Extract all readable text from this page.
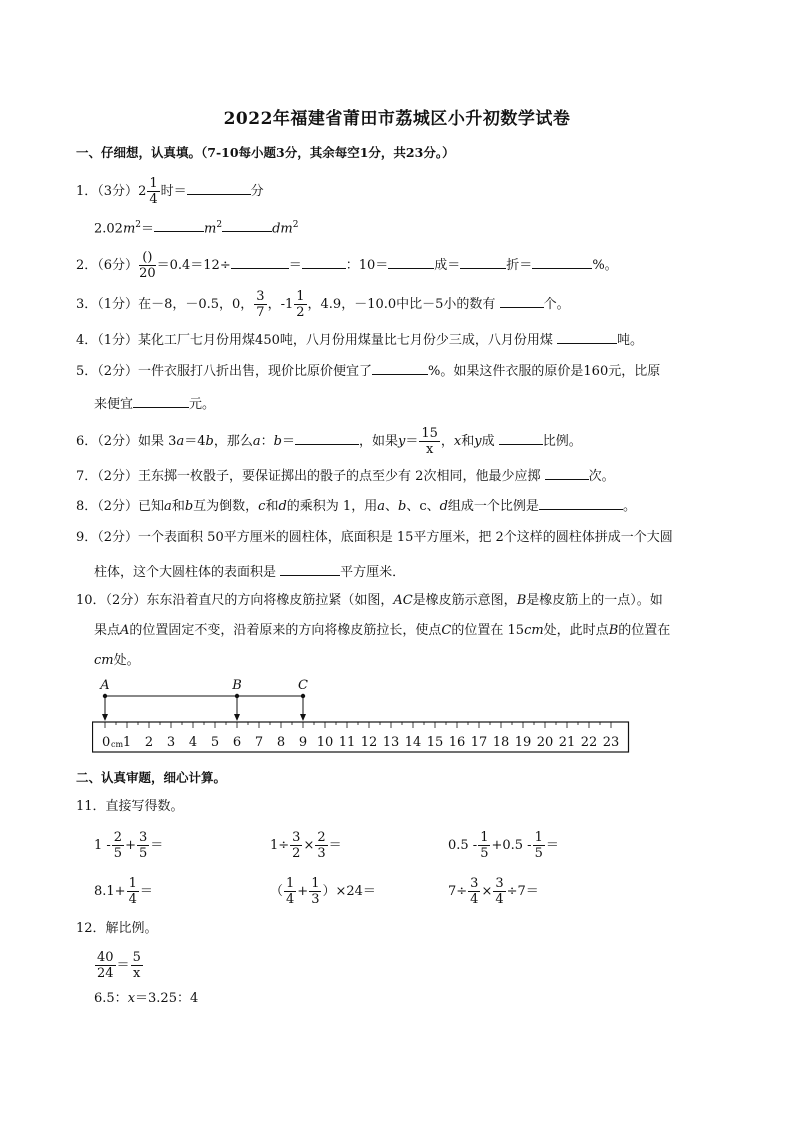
2022年福建省莆田市荔城区小升初数学试卷
一、仔细想，认真填。（7-10每小题3分，其余每空1分，共23分。）
1．（3分）$2 \frac{1}{4}$ 时＝	分
$2.02m^2=$	$m^2$	$dm^2$
2．（6分） $\frac{()}{20} =0.4=12\div$	＝	：10＝	成＝	折＝	%。
3．（1分）在－8，－0.5，0， $\frac{3}{7}$ ，$-1 \frac{1}{2}$ ，4.9，－10.0中比－5小的数有	个。
4．（1分）某化工厂七月份用煤450吨，八月份用煤量比七月份少三成，八月份用煤	吨。
5．（2分）一件衣服打八折出售，现价比原价便宜了	%。如果这件衣服的原价是160元，比原
来便宜	元。
6．（2分）如果 3a＝4b，那么a：b＝	，如果$y= \frac{15}{x}$ ，x和y成	比例。
7．（2分）王东掷一枚骰子，要保证掷出的骰子的点至少有 2次相同，他最少应掷	次。
8．（2分）已知a和b互为倒数，c和d的乘积为 1，用a、b、c、d组成一个比例是	。
9．（2分）一个表面积 50平方厘米的圆柱体，底面积是 15平方厘米，把 2个这样的圆柱体拼成一个大圆
柱体，这个大圆柱体的表面积是	平方厘米．
10．（2分）东东沿着直尺的方向将橡皮筋拉紧（如图，AC是橡皮筋示意图，B是橡皮筋上的一点）。如
果点A的位置固定不变，沿着原来的方向将橡皮筋拉长，使点C的位置在 15cm处，此时点B的位置在
cm处。
0 1 2 3 4 5 6 7 8 9 10 11 12 13 14 15 16 17 18 19 20 21 22 23
cm
A	B	C
二、认真审题，细心计算。
11．直接写得数。
$1 - \frac{2}{5} + \frac{3}{5}$ ＝	$1\div \frac{3}{2} \times \frac{2}{3}$ ＝	$0.5 - \frac{1}{5} +0.5 - \frac{1}{5}$ ＝
$8.1+ \frac{1}{4}$ ＝	（ $\frac{1}{4} + \frac{1}{3} )\times 24=$	$7\div \frac{3}{4} \times \frac{3}{4} \div 7=$
12．解比例。
$\frac{40}{24} = \frac{5}{x}$
6.5：x＝3.25：4
